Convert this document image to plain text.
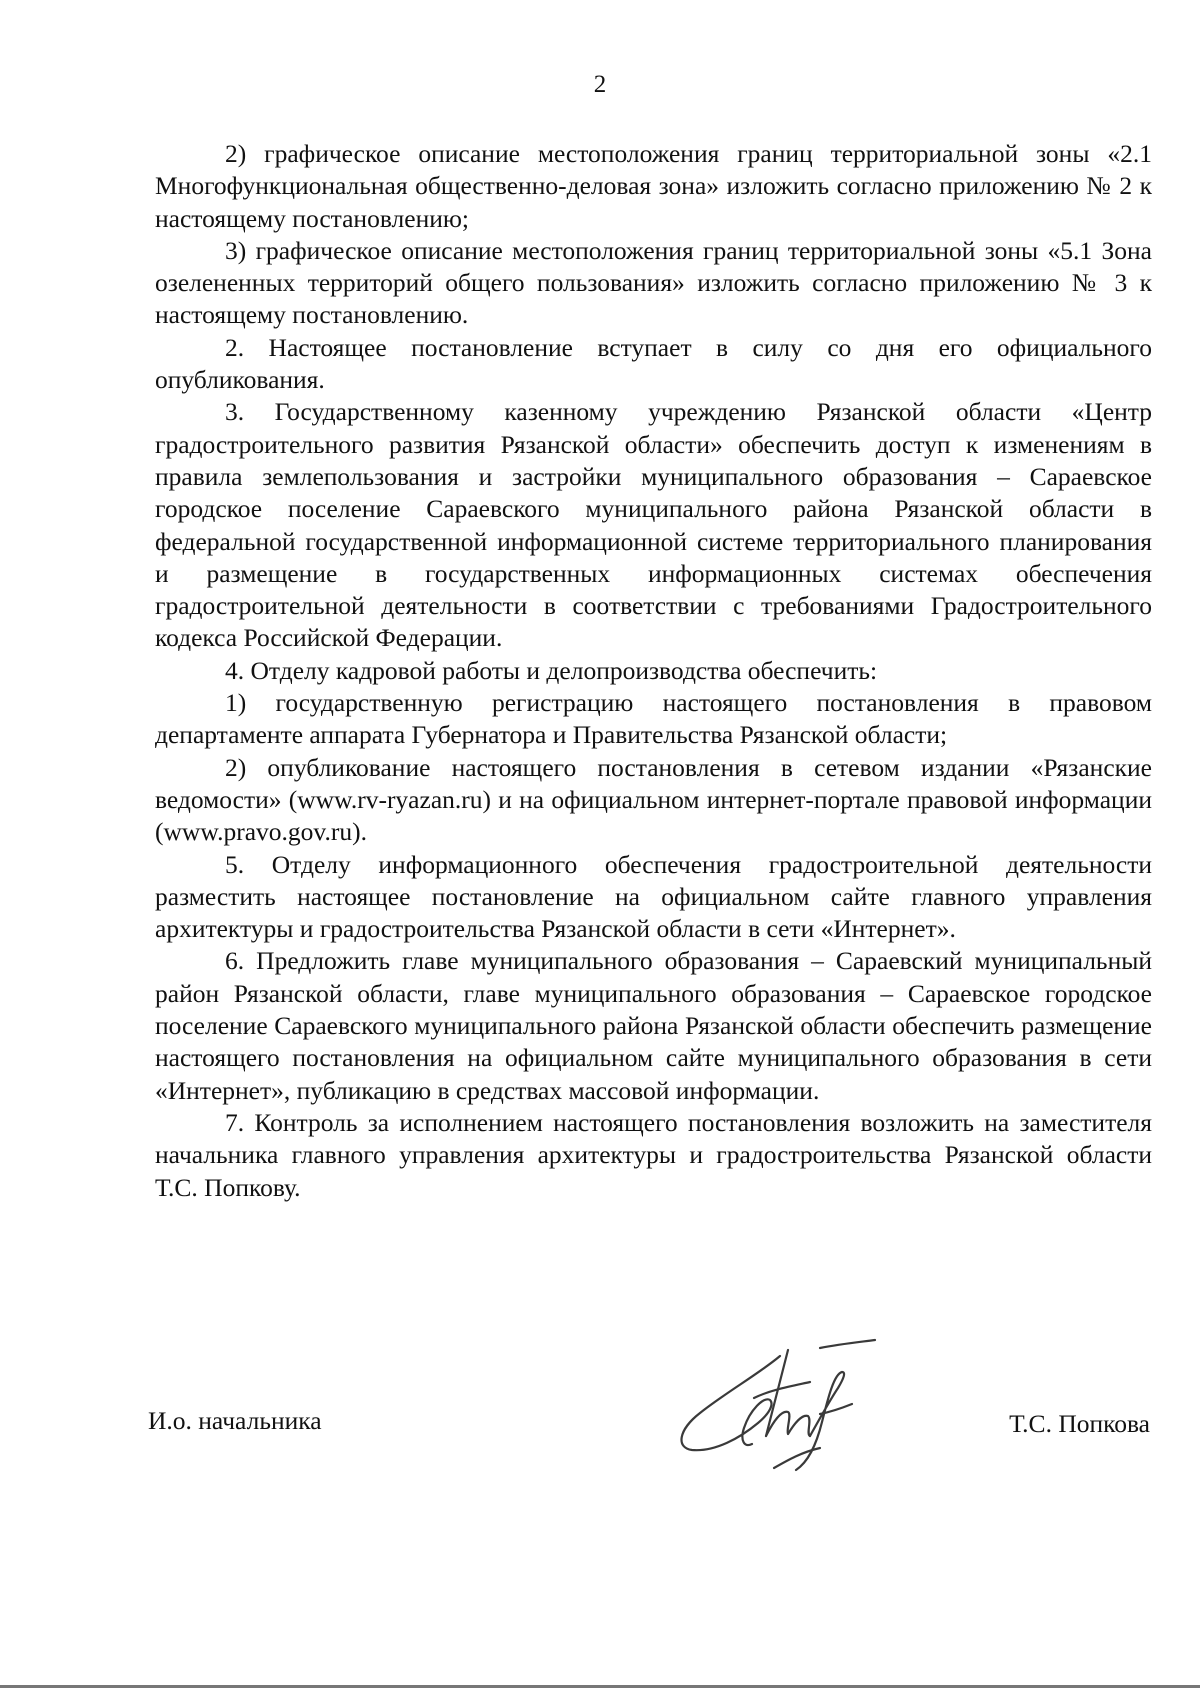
2

2) графическое описание местоположения границ территориальной зоны «2.1 Многофункциональная общественно-деловая зона» изложить согласно приложению № 2 к настоящему постановлению;

3) графическое описание местоположения границ территориальной зоны «5.1 Зона озелененных территорий общего пользования» изложить согласно приложению № 3 к настоящему постановлению.

2. Настоящее постановление вступает в силу со дня его официального опубликования.

3. Государственному казенному учреждению Рязанской области «Центр градостроительного развития Рязанской области» обеспечить доступ к изменениям в правила землепользования и застройки муниципального образования – Сараевское городское поселение Сараевского муниципального района Рязанской области в федеральной государственной информационной системе территориального планирования и размещение в государственных информационных системах обеспечения градостроительной деятельности в соответствии с требованиями Градостроительного кодекса Российской Федерации.

4. Отделу кадровой работы и делопроизводства обеспечить:

1) государственную регистрацию настоящего постановления в правовом департаменте аппарата Губернатора и Правительства Рязанской области;

2) опубликование настоящего постановления в сетевом издании «Рязанские ведомости» (www.rv-ryazan.ru) и на официальном интернет-портале правовой информации (www.pravo.gov.ru).

5. Отделу информационного обеспечения градостроительной деятельности разместить настоящее постановление на официальном сайте главного управления архитектуры и градостроительства Рязанской области в сети «Интернет».

6. Предложить главе муниципального образования – Сараевский муниципальный район Рязанской области, главе муниципального образования – Сараевское городское поселение Сараевского муниципального района Рязанской области обеспечить размещение настоящего постановления на официальном сайте муниципального образования в сети «Интернет», публикацию в средствах массовой информации.

7. Контроль за исполнением настоящего постановления возложить на заместителя начальника главного управления архитектуры и градостроительства Рязанской области Т.С. Попкову.

И.о. начальника	Т.С. Попкова
